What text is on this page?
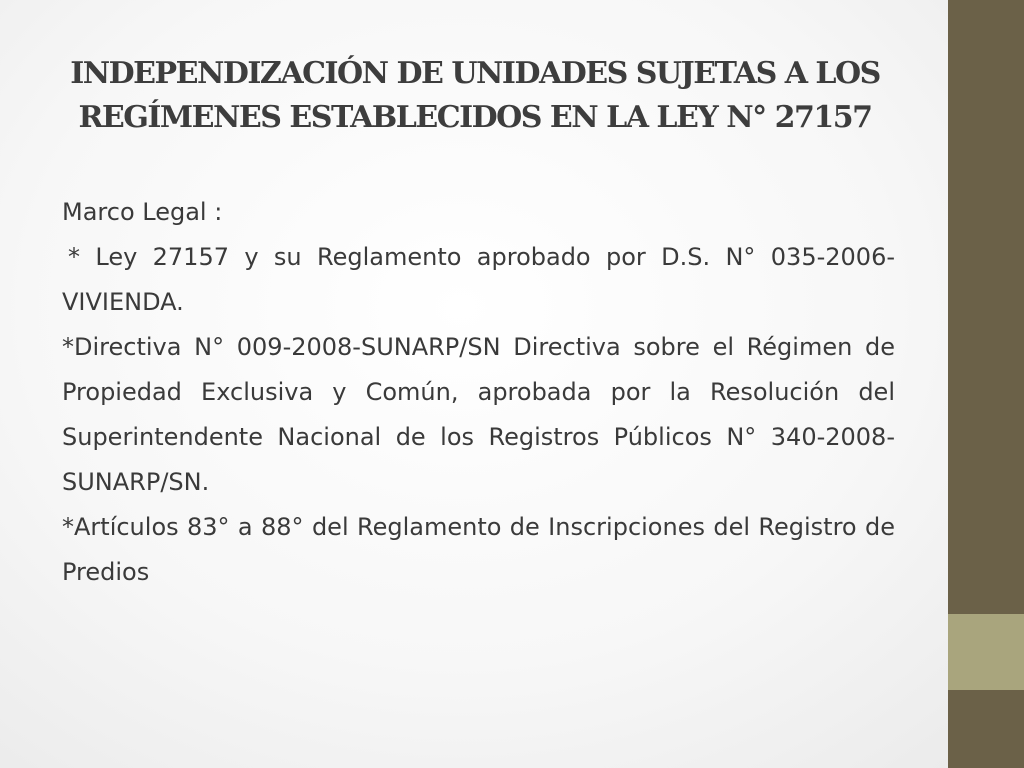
INDEPENDIZACIÓN DE UNIDADES SUJETAS A LOS
REGÍMENES ESTABLECIDOS EN LA LEY N° 27157

Marco Legal :

* Ley 27157 y su Reglamento aprobado por D.S. N° 035-2006-VIVIENDA.

*Directiva N° 009-2008-SUNARP/SN Directiva sobre el Régimen de Propiedad Exclusiva y Común, aprobada por la Resolución del Superintendente Nacional de los Registros Públicos N° 340-2008-SUNARP/SN.

*Artículos 83° a 88° del Reglamento de Inscripciones del Registro de Predios
